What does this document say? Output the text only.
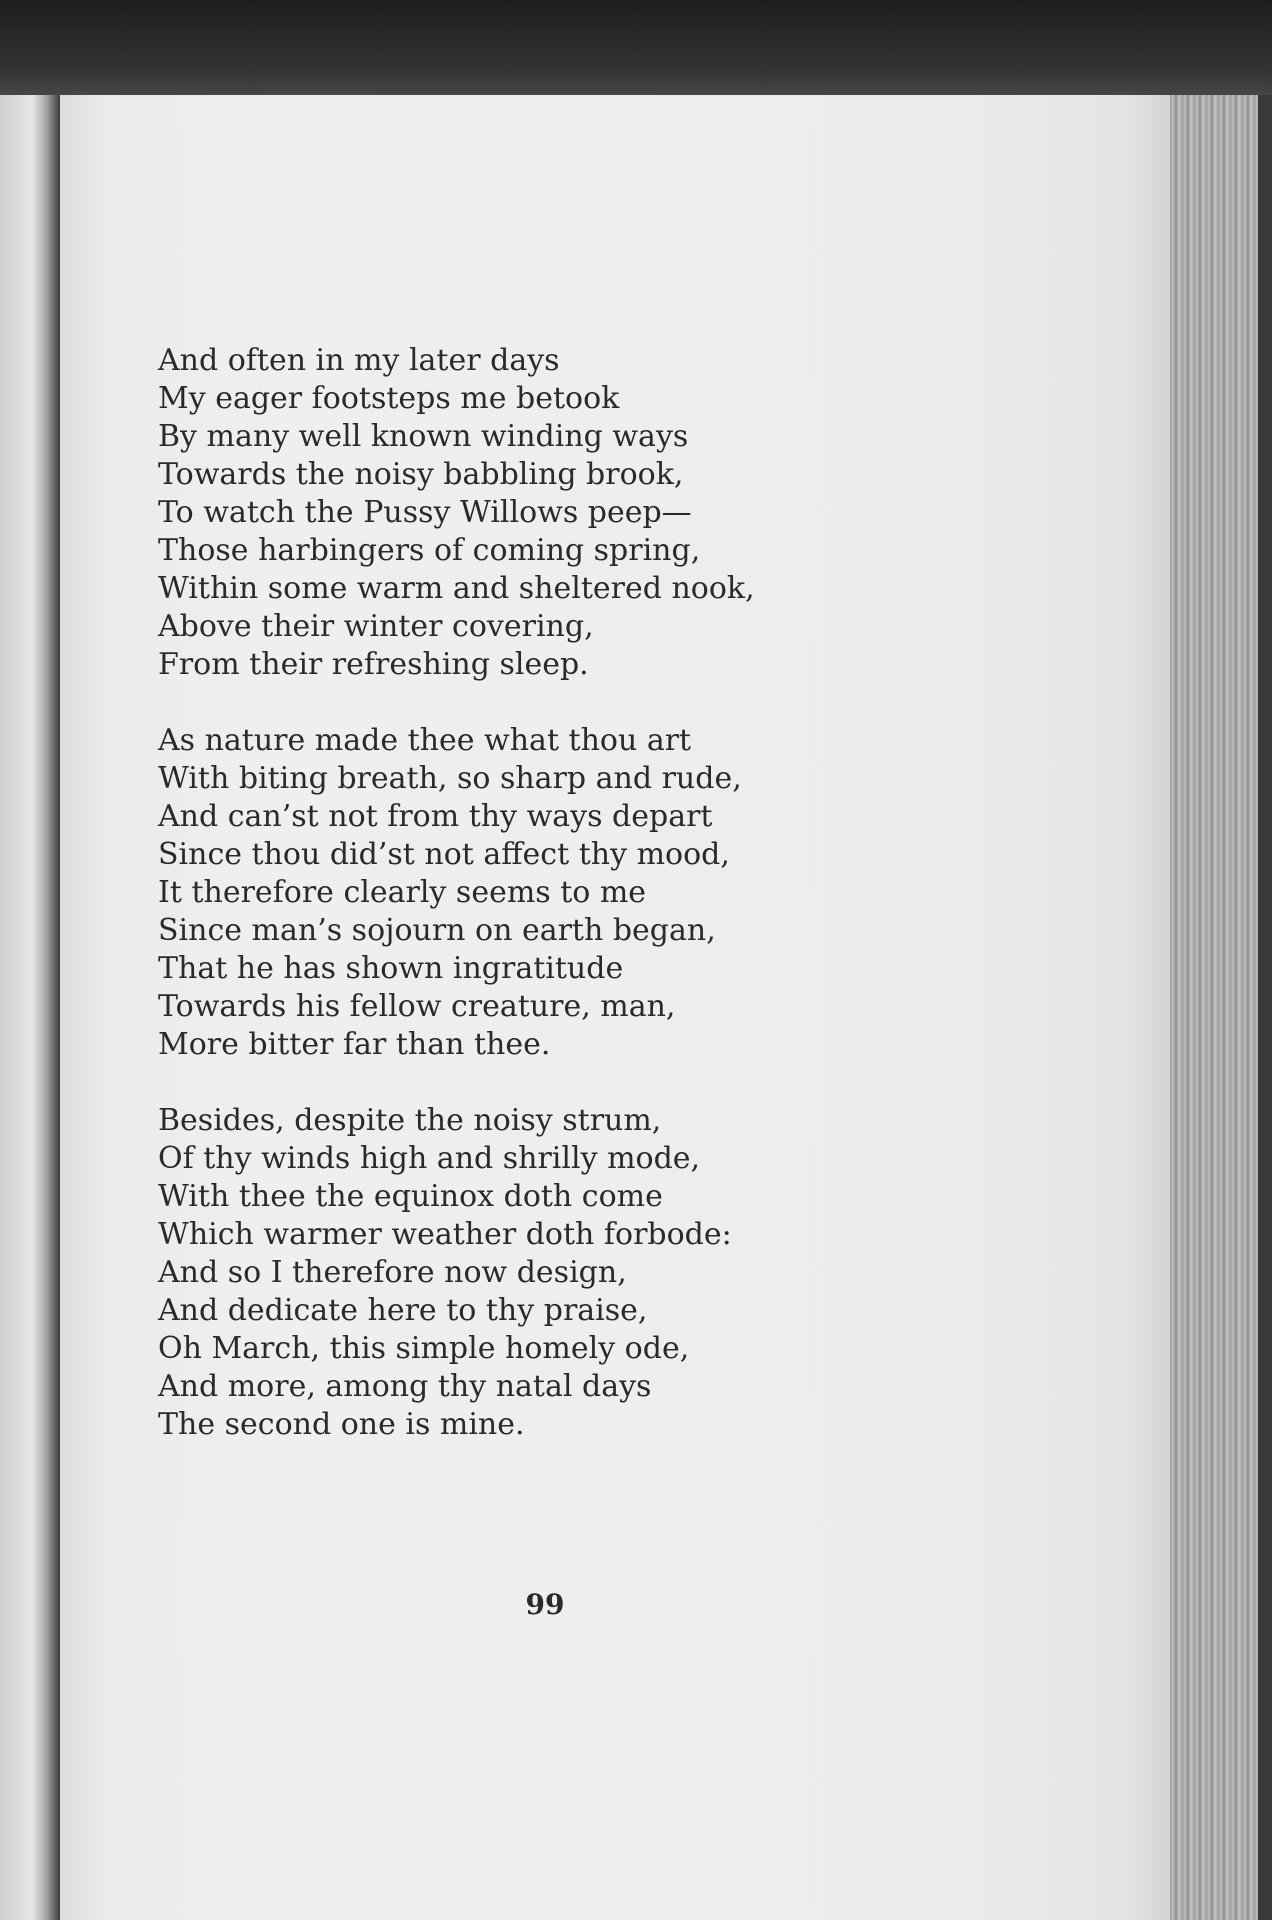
And often in my later days
My eager footsteps me betook
By many well known winding ways
Towards the noisy babbling brook,
To watch the Pussy Willows peep—
Those harbingers of coming spring,
Within some warm and sheltered nook,
Above their winter covering,
From their refreshing sleep.
As nature made thee what thou art
With biting breath, so sharp and rude,
And can’st not from thy ways depart
Since thou did’st not affect thy mood,
It therefore clearly seems to me
Since man’s sojourn on earth began,
That he has shown ingratitude
Towards his fellow creature, man,
More bitter far than thee.
Besides, despite the noisy strum,
Of thy winds high and shrilly mode,
With thee the equinox doth come
Which warmer weather doth forbode:
And so I therefore now design,
And dedicate here to thy praise,
Oh March, this simple homely ode,
And more, among thy natal days
The second one is mine.
99
